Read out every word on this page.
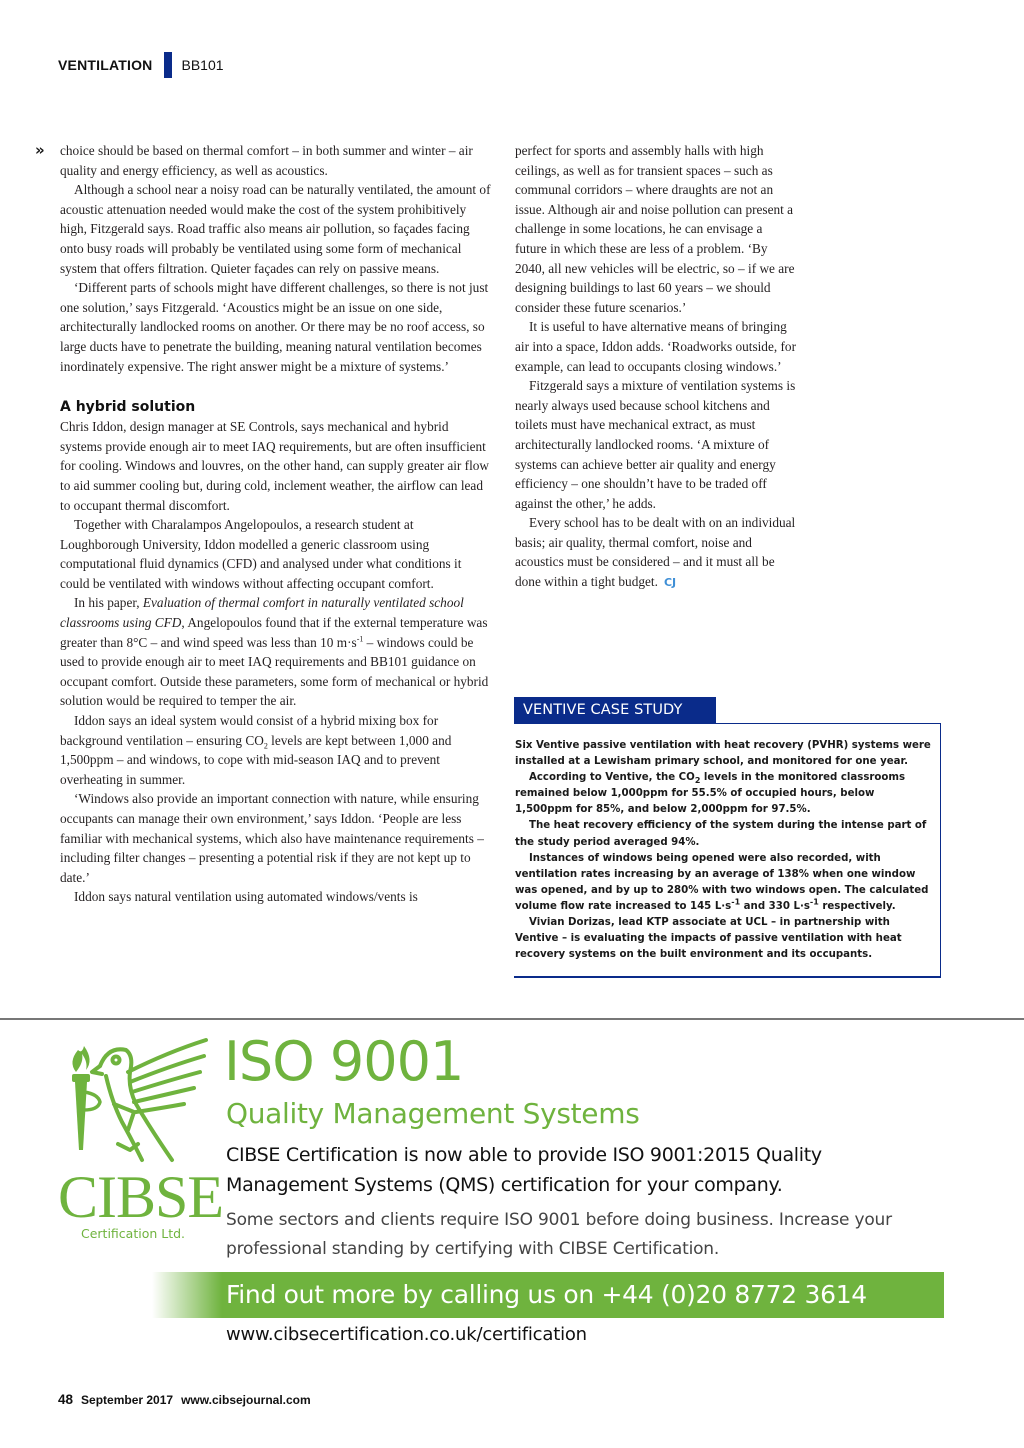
VENTILATION BB101
» choice should be based on thermal comfort – in both summer and winter – air quality and energy efficiency, as well as acoustics.

Although a school near a noisy road can be naturally ventilated, the amount of acoustic attenuation needed would make the cost of the system prohibitively high, Fitzgerald says. Road traffic also means air pollution, so façades facing onto busy roads will probably be ventilated using some form of mechanical system that offers filtration. Quieter façades can rely on passive means.

‘Different parts of schools might have different challenges, so there is not just one solution,’ says Fitzgerald. ‘Acoustics might be an issue on one side, architecturally landlocked rooms on another. Or there may be no roof access, so large ducts have to penetrate the building, meaning natural ventilation becomes inordinately expensive. The right answer might be a mixture of systems.’

A hybrid solution

Chris Iddon, design manager at SE Controls, says mechanical and hybrid systems provide enough air to meet IAQ requirements, but are often insufficient for cooling. Windows and louvres, on the other hand, can supply greater air flow to aid summer cooling but, during cold, inclement weather, the airflow can lead to occupant thermal discomfort.

Together with Charalampos Angelopoulos, a research student at Loughborough University, Iddon modelled a generic classroom using computational fluid dynamics (CFD) and analysed under what conditions it could be ventilated with windows without affecting occupant comfort.

In his paper, Evaluation of thermal comfort in naturally ventilated school classrooms using CFD, Angelopoulos found that if the external temperature was greater than 8°C – and wind speed was less than 10 $m\cdot s^{-1}$ – windows could be used to provide enough air to meet IAQ requirements and BB101 guidance on occupant comfort. Outside these parameters, some form of mechanical or hybrid solution would be required to temper the air.

Iddon says an ideal system would consist of a hybrid mixing box for background ventilation – ensuring $CO_2$ levels are kept between 1,000 and 1,500ppm – and windows, to cope with mid-season IAQ and to prevent overheating in summer.

‘Windows also provide an important connection with nature, while ensuring occupants can manage their own environment,’ says Iddon. ‘People are less familiar with mechanical systems, which also have maintenance requirements – including filter changes – presenting a potential risk if they are not kept up to date.’

Iddon says natural ventilation using automated windows/vents is

perfect for sports and assembly halls with high ceilings, as well as for transient spaces – such as communal corridors – where draughts are not an issue. Although air and noise pollution can present a challenge in some locations, he can envisage a future in which these are less of a problem. ‘By 2040, all new vehicles will be electric, so – if we are designing buildings to last 60 years – we should consider these future scenarios.’

It is useful to have alternative means of bringing air into a space, Iddon adds. ‘Roadworks outside, for example, can lead to occupants closing windows.’

Fitzgerald says a mixture of ventilation systems is nearly always used because school kitchens and toilets must have mechanical extract, as must architecturally landlocked rooms. ‘A mixture of systems can achieve better air quality and energy efficiency – one shouldn’t have to be traded off against the other,’ he adds.

Every school has to be dealt with on an individual basis; air quality, thermal comfort, noise and acoustics must be considered – and it must all be done within a tight budget. CJ

VENTIVE CASE STUDY

Six Ventive passive ventilation with heat recovery (PVHR) systems were installed at a Lewisham primary school, and monitored for one year.

According to Ventive, the $CO_2$ levels in the monitored classrooms remained below 1,000ppm for 55.5% of occupied hours, below 1,500ppm for 85%, and below 2,000ppm for 97.5%.

The heat recovery efficiency of the system during the intense part of the study period averaged 94%.

Instances of windows being opened were also recorded, with ventilation rates increasing by an average of 138% when one window was opened, and by up to 280% with two windows open. The calculated volume flow rate increased to 145 $L\cdot s^{-1}$ and 330 $L\cdot s^{-1}$ respectively.

Vivian Dorizas, lead KTP associate at UCL – in partnership with Ventive – is evaluating the impacts of passive ventilation with heat recovery systems on the built environment and its occupants.

CIBSE
Certification Ltd.
ISO 9001
Quality Management Systems
CIBSE Certification is now able to provide ISO 9001:2015 Quality Management Systems (QMS) certification for your company.
Some sectors and clients require ISO 9001 before doing business. Increase your professional standing by certifying with CIBSE Certification.
Find out more by calling us on +44 (0)20 8772 3614
www.cibsecertification.co.uk/certification
48 September 2017 www.cibsejournal.com
